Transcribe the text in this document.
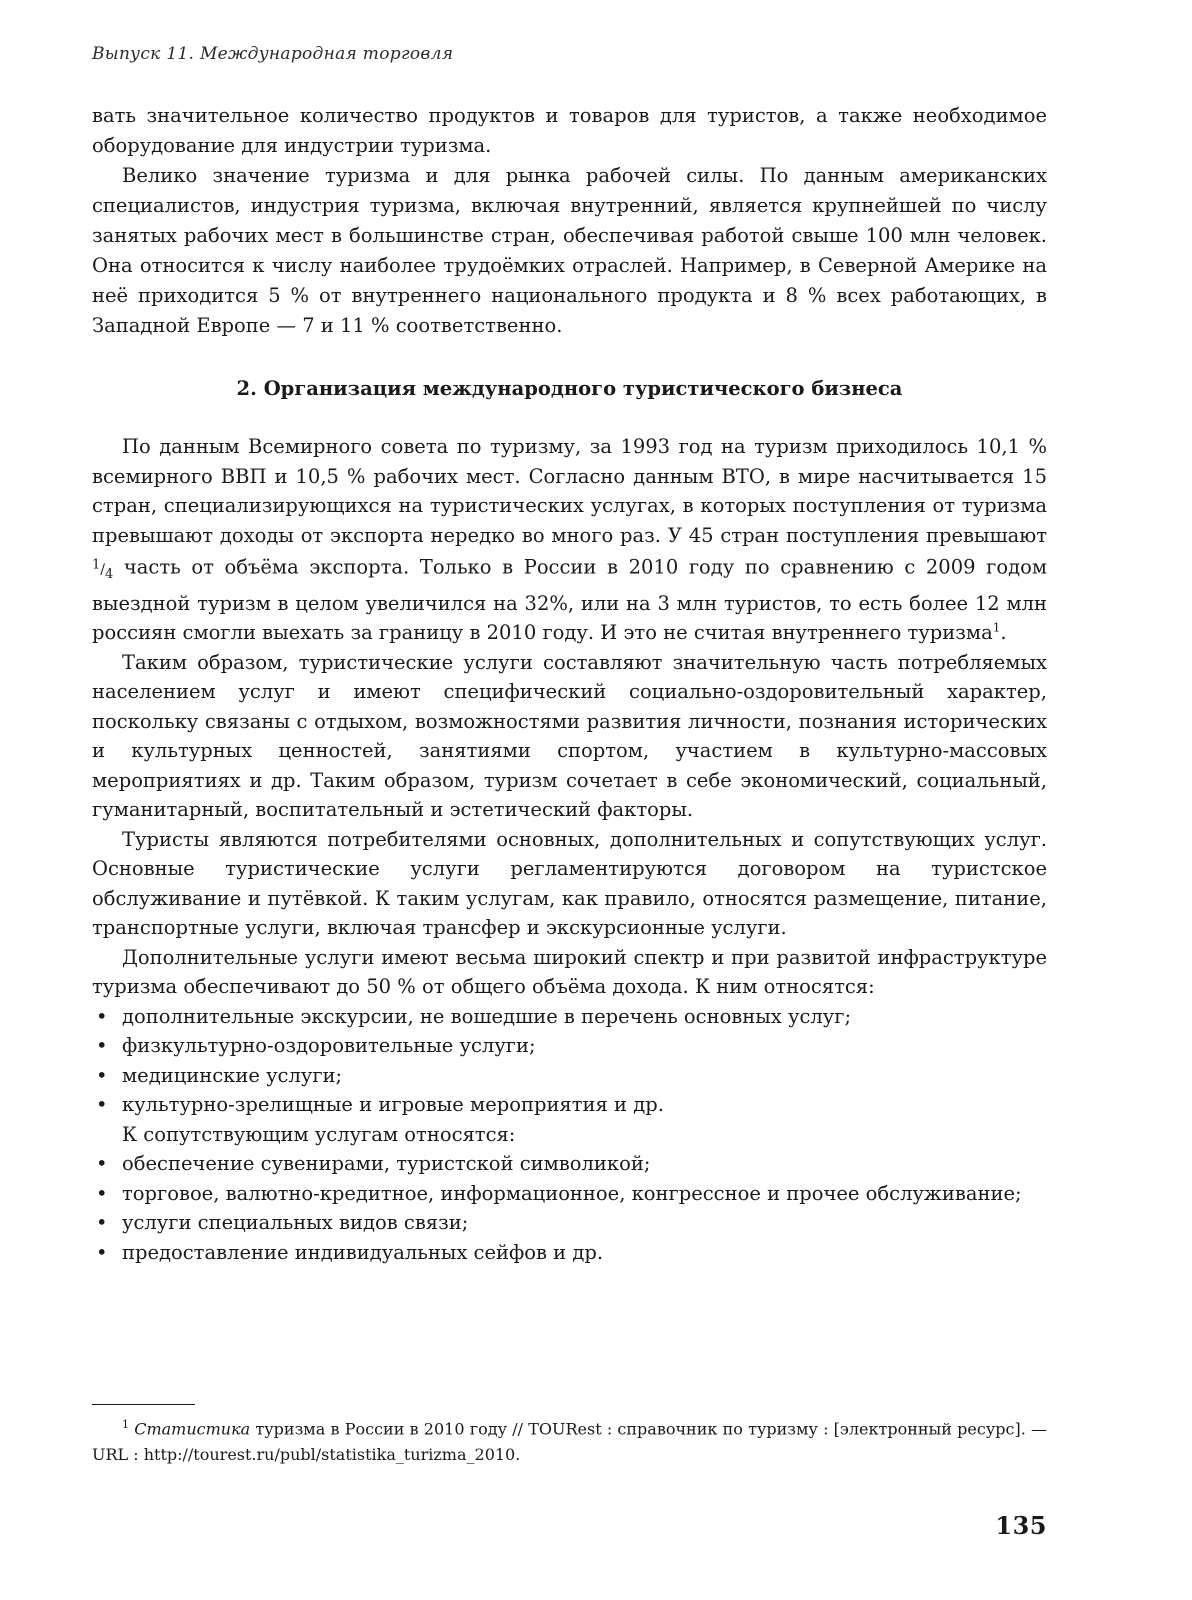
Выпуск 11. Международная торговля

вать значительное количество продуктов и товаров для туристов, а также необходимое оборудование для индустрии туризма.

Велико значение туризма и для рынка рабочей силы. По данным американских специалистов, индустрия туризма, включая внутренний, является крупнейшей по числу занятых рабочих мест в большинстве стран, обеспечивая работой свыше 100 млн человек. Она относится к числу наиболее трудоёмких отраслей. Например, в Северной Америке на неё приходится 5 % от внутреннего национального продукта и 8 % всех работающих, в Западной Европе — 7 и 11 % соответственно.

2. Организация международного туристического бизнеса

По данным Всемирного совета по туризму, за 1993 год на туризм приходилось 10,1 % всемирного ВВП и 10,5 % рабочих мест. Согласно данным ВТО, в мире насчитывается 15 стран, специализирующихся на туристических услугах, в которых поступления от туризма превышают доходы от экспорта нередко во много раз. У 45 стран поступления превышают $^1/_4$ часть от объёма экспорта. Только в России в 2010 году по сравнению с 2009 годом выездной туризм в целом увеличился на 32%, или на 3 млн туристов, то есть более 12 млн россиян смогли выехать за границу в 2010 году. И это не считая внутреннего туризма$^1$.

Таким образом, туристические услуги составляют значительную часть потребляемых населением услуг и имеют специфический социально-оздоровительный характер, поскольку связаны с отдыхом, возможностями развития личности, познания исторических и культурных ценностей, занятиями спортом, участием в культурно-массовых мероприятиях и др. Таким образом, туризм сочетает в себе экономический, социальный, гуманитарный, воспитательный и эстетический факторы.

Туристы являются потребителями основных, дополнительных и сопутствующих услуг. Основные туристические услуги регламентируются договором на туристское обслуживание и путёвкой. К таким услугам, как правило, относятся размещение, питание, транспортные услуги, включая трансфер и экскурсионные услуги.

Дополнительные услуги имеют весьма широкий спектр и при развитой инфраструктуре туризма обеспечивают до 50 % от общего объёма дохода. К ним относятся:

• дополнительные экскурсии, не вошедшие в перечень основных услуг;
• физкультурно-оздоровительные услуги;
• медицинские услуги;
• культурно-зрелищные и игровые мероприятия и др.

К сопутствующим услугам относятся:

• обеспечение сувенирами, туристской символикой;
• торговое, валютно-кредитное, информационное, конгрессное и прочее обслуживание;
• услуги специальных видов связи;
• предоставление индивидуальных сейфов и др.
$^1$ Статистика туризма в России в 2010 году // TOURest : справочник по туризму : [электронный ресурс]. — URL : http://tourest.ru/publ/statistika_turizma_2010.
135
